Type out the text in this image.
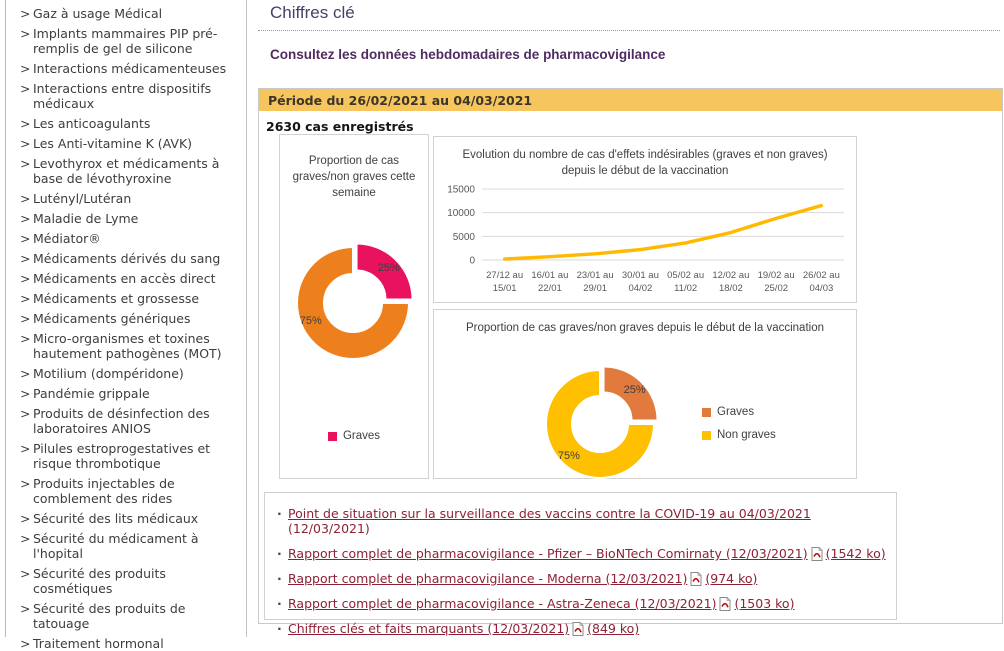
> Gaz à usage Médical
> Implants mammaires PIP pré-remplis de gel de silicone
> Interactions médicamenteuses
> Interactions entre dispositifs médicaux
> Les anticoagulants
> Les Anti-vitamine K (AVK)
> Levothyrox et médicaments à base de lévothyroxine
> Lutényl/Lutéran
> Maladie de Lyme
> Médiator®
> Médicaments dérivés du sang
> Médicaments en accès direct
> Médicaments et grossesse
> Médicaments génériques
> Micro-organismes et toxines hautement pathogènes (MOT)
> Motilium (dompéridone)
> Pandémie grippale
> Produits de désinfection des laboratoires ANIOS
> Pilules estroprogestatives et risque thrombotique
> Produits injectables de comblement des rides
> Sécurité des lits médicaux
> Sécurité du médicament à l'hopital
> Sécurité des produits cosmétiques
> Sécurité des produits de tatouage
> Traitement hormonal
Chiffres clé
Consultez les données hebdomadaires de pharmacovigilance
Période du 26/02/2021 au 04/03/2021
2630 cas enregistrés
Proportion de cas graves/non graves cette semaine
25%
75%
Graves
Evolution du nombre de cas d'effets indésirables (graves et non graves) depuis le début de la vaccination
0
5000
10000
15000
27/12 au
15/01
16/01 au
22/01
23/01 au
29/01
30/01 au
04/02
05/02 au
11/02
12/02 au
18/02
19/02 au
25/02
26/02 au
04/03
Proportion de cas graves/non graves depuis le début de la vaccination
25%
75%
Graves
Non graves
· Point de situation sur la surveillance des vaccins contre la COVID-19 au 04/03/2021 (12/03/2021)
· Rapport complet de pharmacovigilance - Pfizer – BioNTech Comirnaty (12/03/2021) (1542 ko)
· Rapport complet de pharmacovigilance - Moderna (12/03/2021) (974 ko)
· Rapport complet de pharmacovigilance - Astra-Zeneca (12/03/2021) (1503 ko)
· Chiffres clés et faits marquants (12/03/2021) (849 ko)
